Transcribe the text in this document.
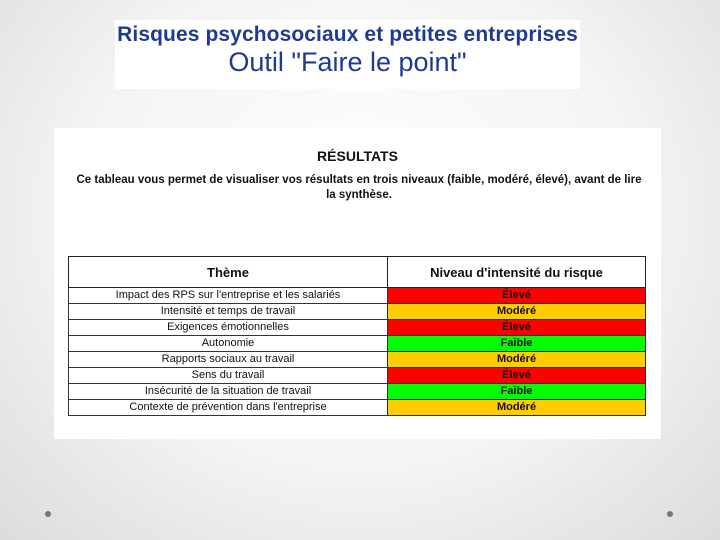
Risques psychosociaux et petites entreprises
Outil "Faire le point"
RÉSULTATS
Ce tableau vous permet de visualiser vos résultats en trois niveaux (faible, modéré, élevé), avant de lire la synthèse.
Thème	Niveau d'intensité du risque
Impact des RPS sur l'entreprise et les salariés	Élevé
Intensité et temps de travail	Modéré
Exigences émotionnelles	Élevé
Autonomie	Faible
Rapports sociaux au travail	Modéré
Sens du travail	Élevé
Insécurité de la situation de travail	Faible
Contexte de prévention dans l'entreprise	Modéré
